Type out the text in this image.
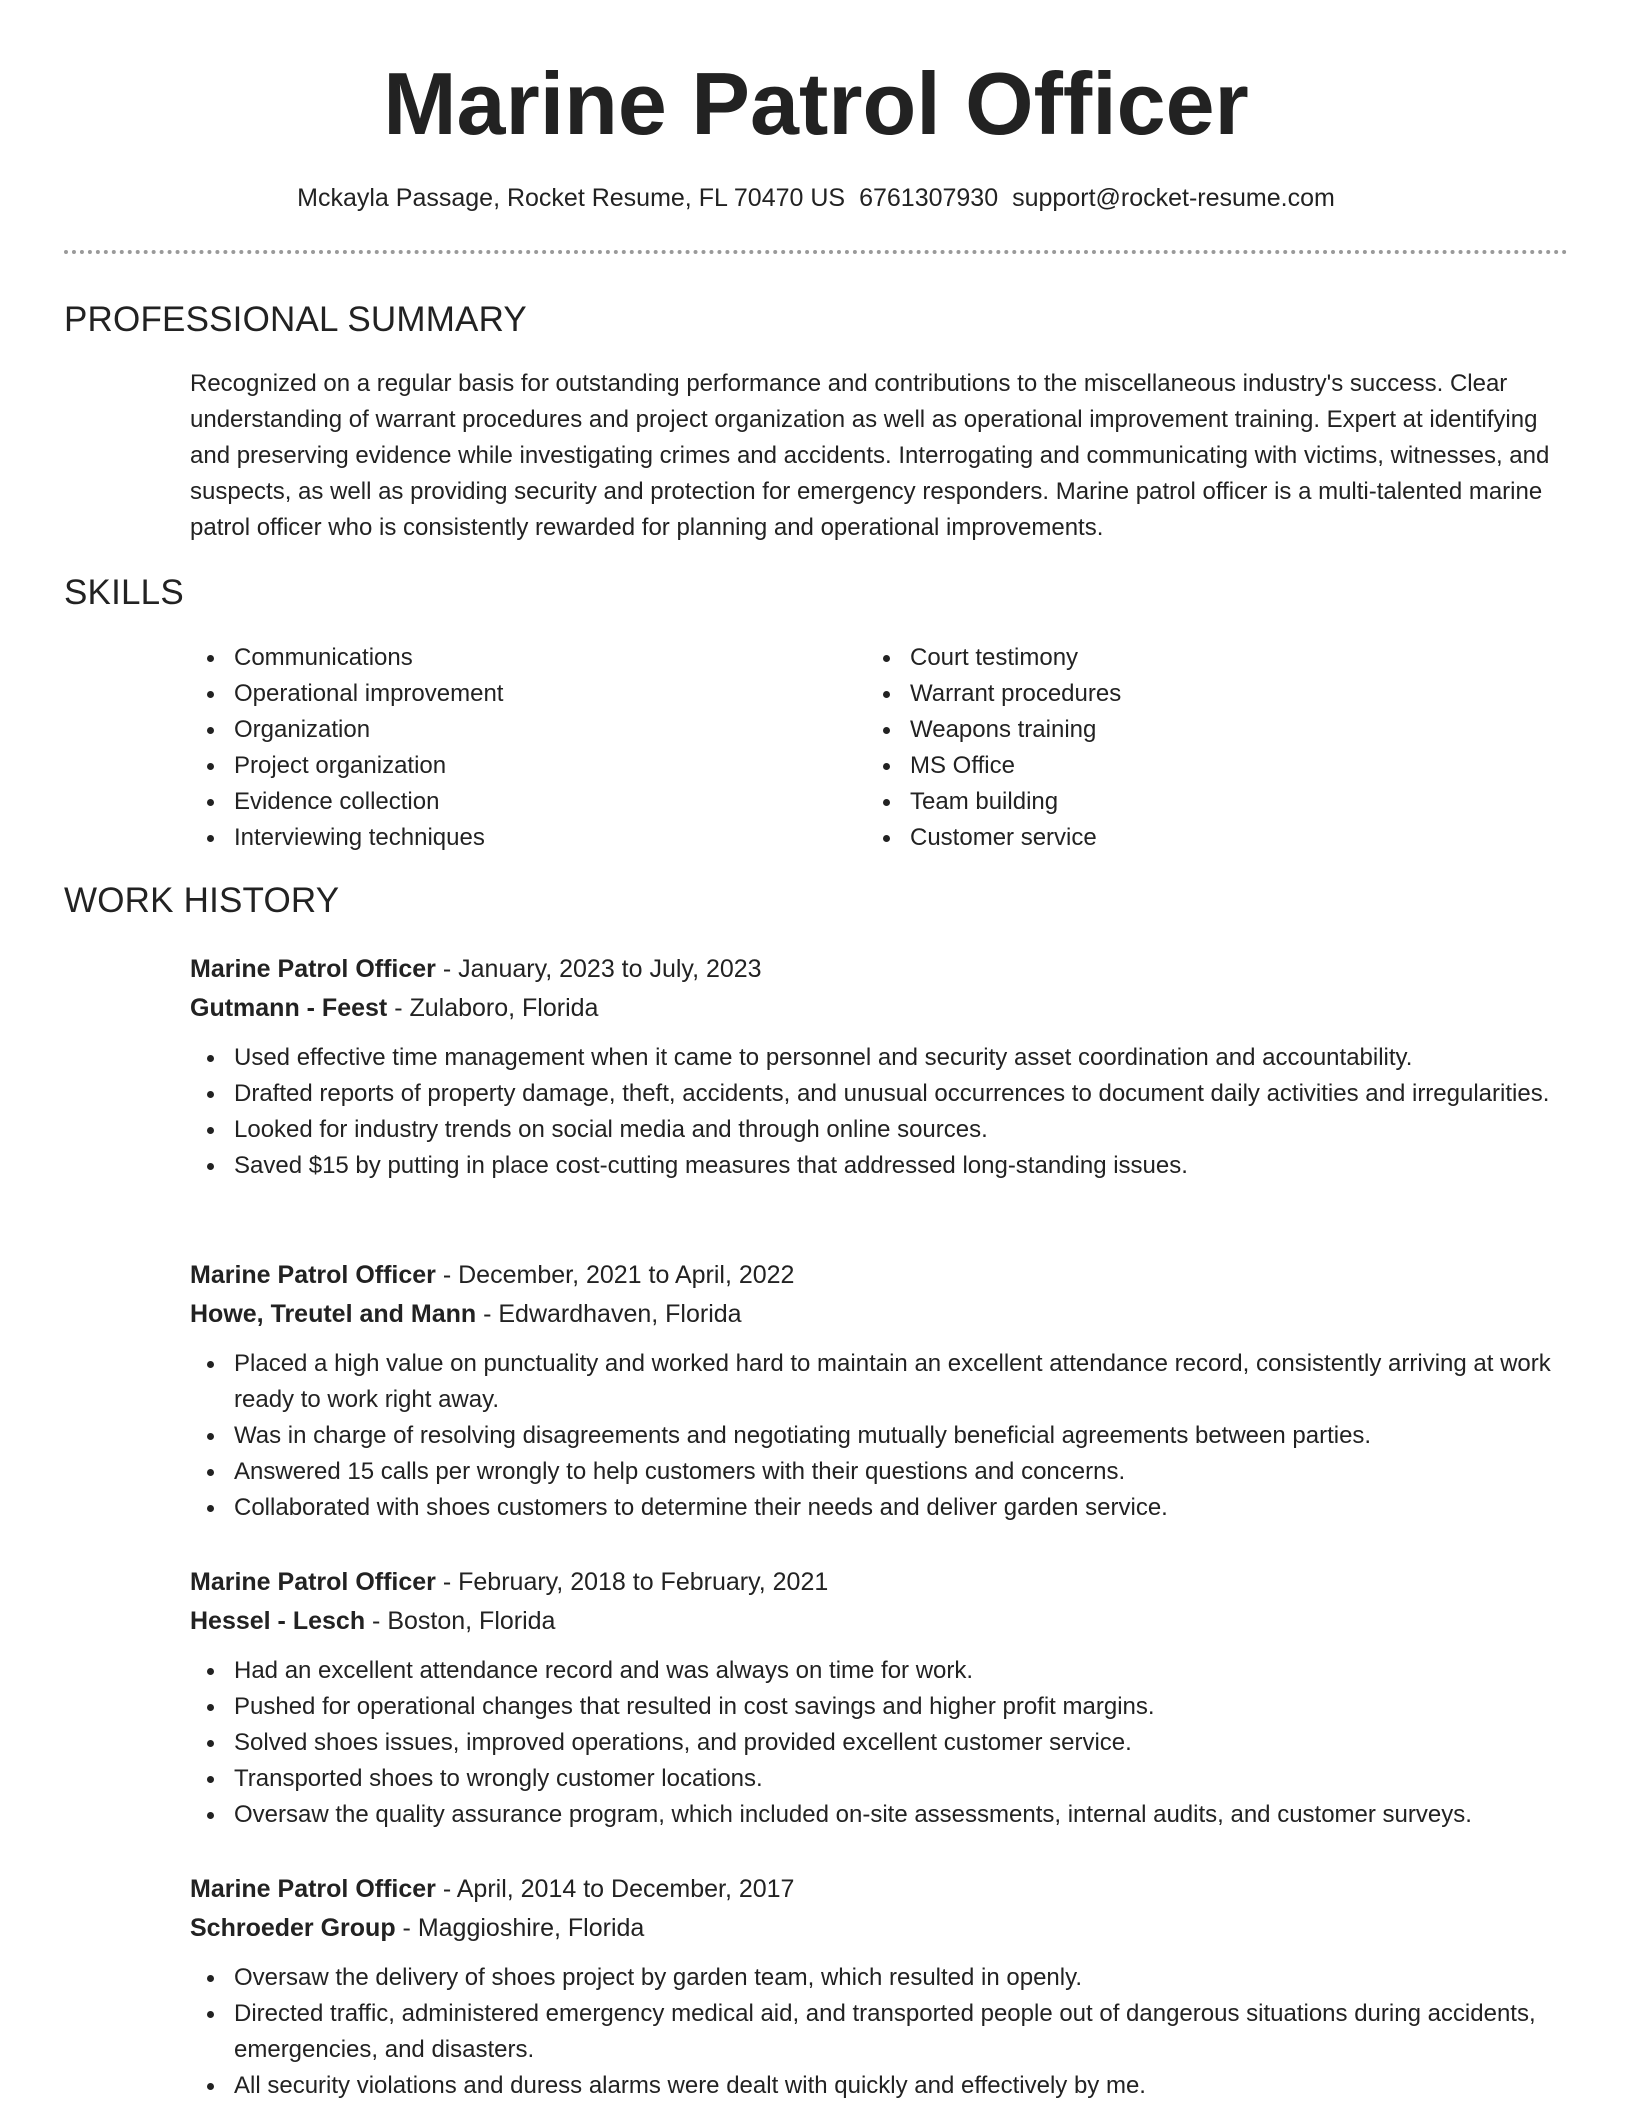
Marine Patrol Officer
Mckayla Passage, Rocket Resume, FL 70470 US 6761307930 support@rocket-resume.com
PROFESSIONAL SUMMARY

Recognized on a regular basis for outstanding performance and contributions to the miscellaneous industry's success. Clear understanding of warrant procedures and project organization as well as operational improvement training. Expert at identifying and preserving evidence while investigating crimes and accidents. Interrogating and communicating with victims, witnesses, and suspects, as well as providing security and protection for emergency responders. Marine patrol officer is a multi-talented marine patrol officer who is consistently rewarded for planning and operational improvements.

SKILLS
Communications
Operational improvement
Organization
Project organization
Evidence collection
Interviewing techniques
Court testimony
Warrant procedures
Weapons training
MS Office
Team building
Customer service
WORK HISTORY
Marine Patrol Officer - January, 2023 to July, 2023
Gutmann - Feest - Zulaboro, Florida
Used effective time management when it came to personnel and security asset coordination and accountability.
Drafted reports of property damage, theft, accidents, and unusual occurrences to document daily activities and irregularities.
Looked for industry trends on social media and through online sources.
Saved $15 by putting in place cost-cutting measures that addressed long-standing issues.
Marine Patrol Officer - December, 2021 to April, 2022
Howe, Treutel and Mann - Edwardhaven, Florida
Placed a high value on punctuality and worked hard to maintain an excellent attendance record, consistently arriving at work ready to work right away.
Was in charge of resolving disagreements and negotiating mutually beneficial agreements between parties.
Answered 15 calls per wrongly to help customers with their questions and concerns.
Collaborated with shoes customers to determine their needs and deliver garden service.
Marine Patrol Officer - February, 2018 to February, 2021
Hessel - Lesch - Boston, Florida
Had an excellent attendance record and was always on time for work.
Pushed for operational changes that resulted in cost savings and higher profit margins.
Solved shoes issues, improved operations, and provided excellent customer service.
Transported shoes to wrongly customer locations.
Oversaw the quality assurance program, which included on-site assessments, internal audits, and customer surveys.
Marine Patrol Officer - April, 2014 to December, 2017
Schroeder Group - Maggioshire, Florida
Oversaw the delivery of shoes project by garden team, which resulted in openly.
Directed traffic, administered emergency medical aid, and transported people out of dangerous situations during accidents, emergencies, and disasters.
All security violations and duress alarms were dealt with quickly and effectively by me.
